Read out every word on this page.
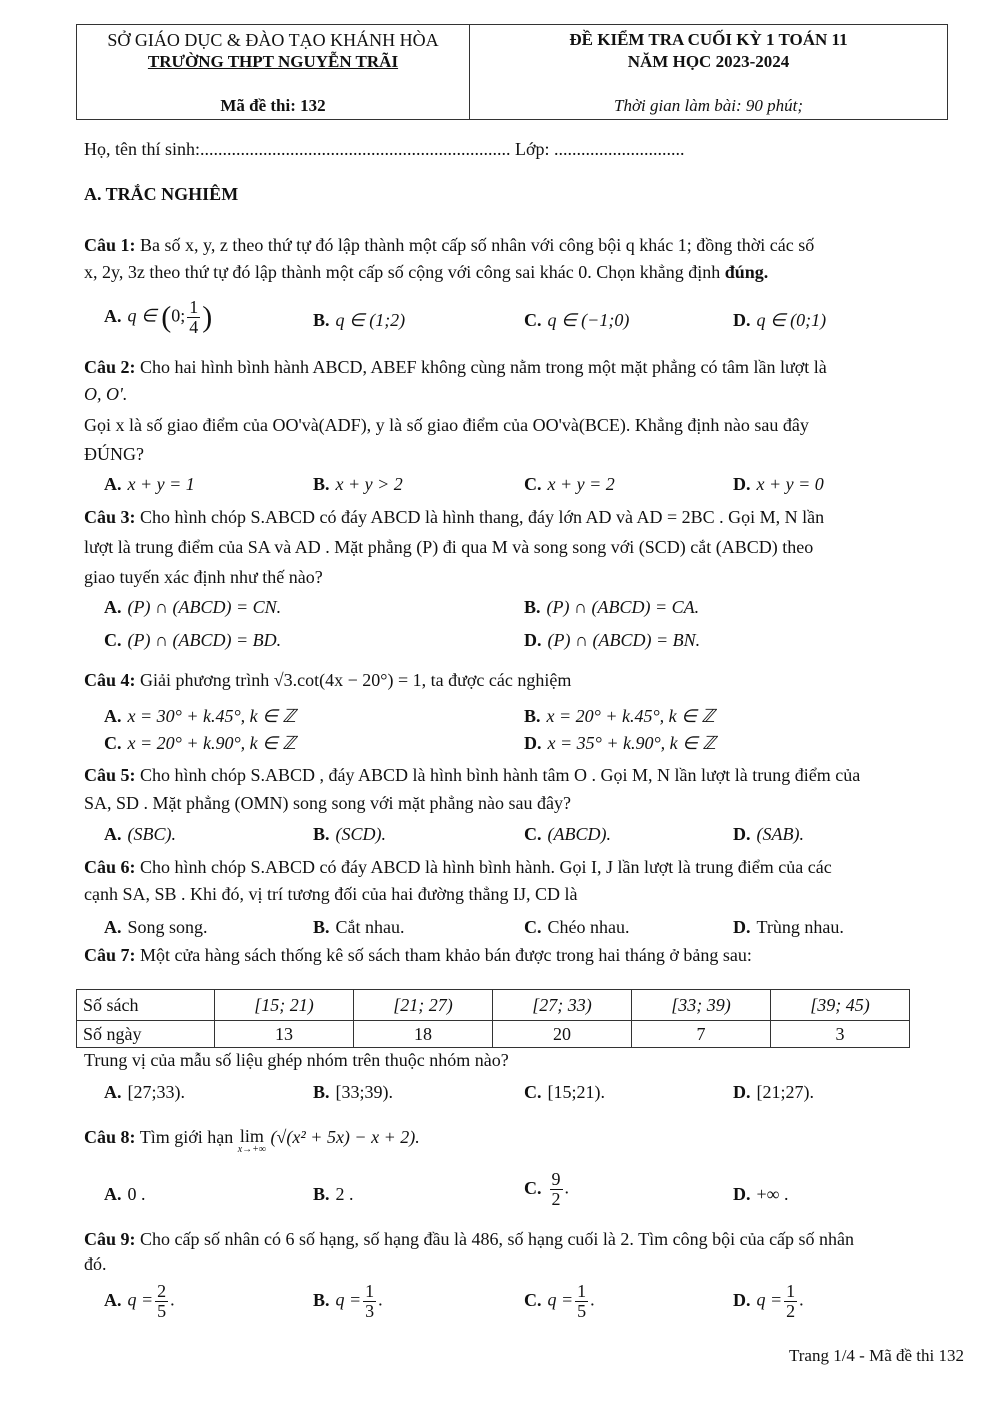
SỞ GIÁO DỤC & ĐÀO TẠO KHÁNH HÒA
TRƯỜNG THPT NGUYỄN TRÃI
Mã đề thi: 132
ĐỀ KIỂM TRA CUỐI KỲ 1 TOÁN 11
NĂM HỌC 2023-2024
Thời gian làm bài: 90 phút;
Họ, tên thí sinh:..................................................................... Lớp: .............................
A. TRẮC NGHIÊM
Câu 1: Ba số x, y, z theo thứ tự đó lập thành một cấp số nhân với công bội q khác 1; đồng thời các số
x, 2y, 3z theo thứ tự đó lập thành một cấp số cộng với công sai khác 0. Chọn khẳng định đúng.
A. q ∈ (0; $\frac{1}{4}$ )	B. q ∈ (1;2)	C. q ∈ (−1;0)	D. q ∈ (0;1)
Câu 2: Cho hai hình bình hành ABCD, ABEF không cùng nằm trong một mặt phẳng có tâm lần lượt là
O, O'.
Gọi x là số giao điểm của OO'và(ADF), y là số giao điểm của OO'và(BCE). Khẳng định nào sau đây
ĐÚNG?
A. x + y = 1	B. x + y > 2	C. x + y = 2	D. x + y = 0
Câu 3: Cho hình chóp S.ABCD có đáy ABCD là hình thang, đáy lớn AD và AD = 2BC . Gọi M, N lần
lượt là trung điểm của SA và AD . Mặt phẳng (P) đi qua M và song song với (SCD) cắt (ABCD) theo
giao tuyến xác định như thế nào?
A. (P) ∩ (ABCD) = CN.	B. (P) ∩ (ABCD) = CA.
C. (P) ∩ (ABCD) = BD.	D. (P) ∩ (ABCD) = BN.
Câu 4: Giải phương trình √3.cot(4x − 20°) = 1, ta được các nghiệm
A. x = 30° + k.45°, k ∈ ℤ	B. x = 20° + k.45°, k ∈ ℤ
C. x = 20° + k.90°, k ∈ ℤ	D. x = 35° + k.90°, k ∈ ℤ
Câu 5: Cho hình chóp S.ABCD , đáy ABCD là hình bình hành tâm O . Gọi M, N lần lượt là trung điểm của
SA, SD . Mặt phẳng (OMN) song song với mặt phẳng nào sau đây?
A. (SBC).	B. (SCD).	C. (ABCD).	D. (SAB).
Câu 6: Cho hình chóp S.ABCD có đáy ABCD là hình bình hành. Gọi I, J lần lượt là trung điểm của các
cạnh SA, SB . Khi đó, vị trí tương đối của hai đường thẳng IJ, CD là
A. Song song.	B. Cắt nhau.	C. Chéo nhau.	D. Trùng nhau.
Câu 7: Một cửa hàng sách thống kê số sách tham khảo bán được trong hai tháng ở bảng sau:
Số sách	[15; 21)	[21; 27)	[27; 33)	[33; 39)	[39; 45)
Số ngày	13	18	20	7	3
Trung vị của mẫu số liệu ghép nhóm trên thuộc nhóm nào?
A. [27;33).	B. [33;39).	C. [15;21).	D. [21;27).
Câu 8: Tìm giới hạn lim
x→+∞
(√(x² + 5x) − x + 2).
A. 0 .	B. 2 .	C. $\frac{9}{2}$ .	D. +∞ .
Câu 9: Cho cấp số nhân có 6 số hạng, số hạng đầu là 486, số hạng cuối là 2. Tìm công bội của cấp số nhân
đó.
A. $q = \frac{2}{5}$ .	B. $q = \frac{1}{3}$ .	C. $q = \frac{1}{5}$ .	D. $q = \frac{1}{2}$ .
Trang 1/4 - Mã đề thi 132
